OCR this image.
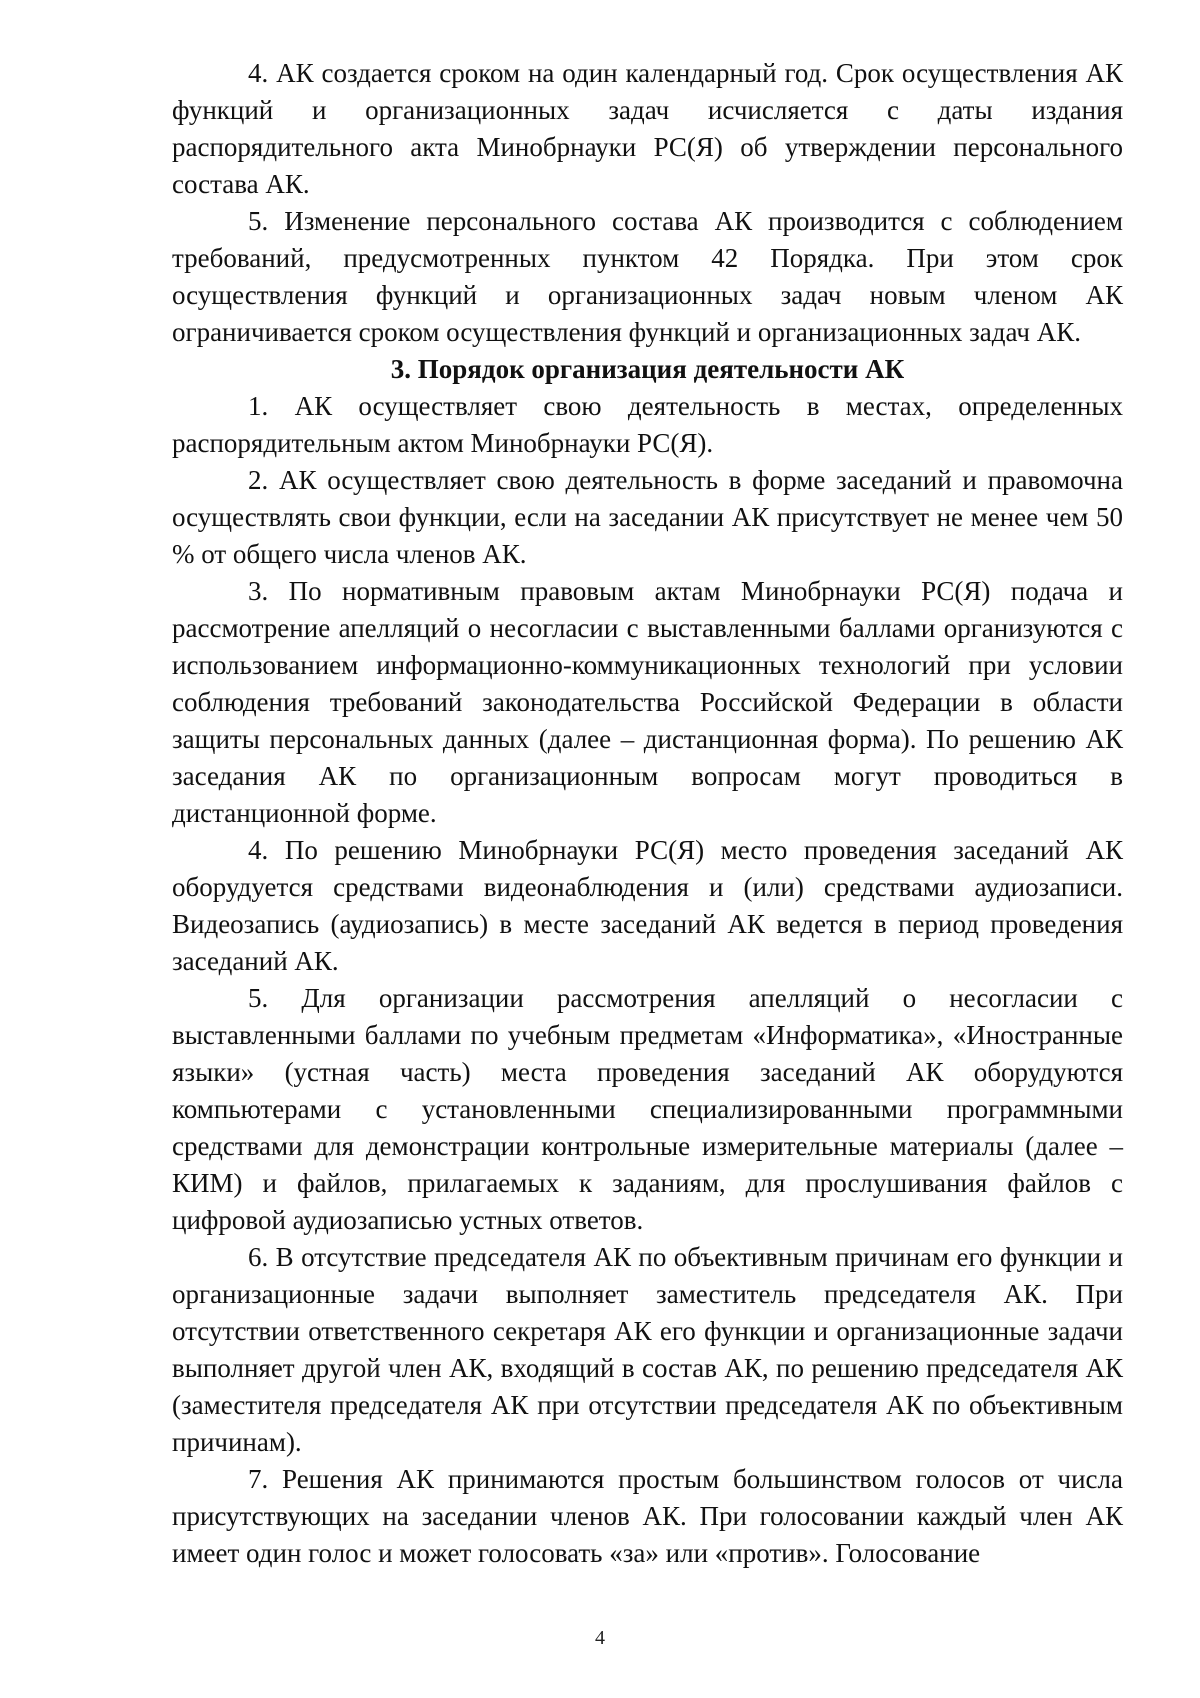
4. АК создается сроком на один календарный год. Срок осуществления АК функций и организационных задач исчисляется с даты издания распорядительного акта Минобрнауки РС(Я) об утверждении персонального состава АК.

5. Изменение персонального состава АК производится с соблюдением требований, предусмотренных пунктом 42 Порядка. При этом срок осуществления функций и организационных задач новым членом АК ограничивается сроком осуществления функций и организационных задач АК.

3. Порядок организация деятельности АК

1. АК осуществляет свою деятельность в местах, определенных распорядительным актом Минобрнауки РС(Я).

2. АК осуществляет свою деятельность в форме заседаний и правомочна осуществлять свои функции, если на заседании АК присутствует не менее чем 50 % от общего числа членов АК.

3. По нормативным правовым актам Минобрнауки РС(Я) подача и рассмотрение апелляций о несогласии с выставленными баллами организуются с использованием информационно-коммуникационных технологий при условии соблюдения требований законодательства Российской Федерации в области защиты персональных данных (далее – дистанционная форма). По решению АК заседания АК по организационным вопросам могут проводиться в дистанционной форме.

4. По решению Минобрнауки РС(Я) место проведения заседаний АК оборудуется средствами видеонаблюдения и (или) средствами аудиозаписи. Видеозапись (аудиозапись) в месте заседаний АК ведется в период проведения заседаний АК.

5. Для организации рассмотрения апелляций о несогласии с выставленными баллами по учебным предметам «Информатика», «Иностранные языки» (устная часть) места проведения заседаний АК оборудуются компьютерами с установленными специализированными программными средствами для демонстрации контрольные измерительные материалы (далее – КИМ) и файлов, прилагаемых к заданиям, для прослушивания файлов с цифровой аудиозаписью устных ответов.

6. В отсутствие председателя АК по объективным причинам его функции и организационные задачи выполняет заместитель председателя АК. При отсутствии ответственного секретаря АК его функции и организационные задачи выполняет другой член АК, входящий в состав АК, по решению председателя АК (заместителя председателя АК при отсутствии председателя АК по объективным причинам).

7. Решения АК принимаются простым большинством голосов от числа присутствующих на заседании членов АК. При голосовании каждый член АК имеет один голос и может голосовать «за» или «против». Голосование

4
